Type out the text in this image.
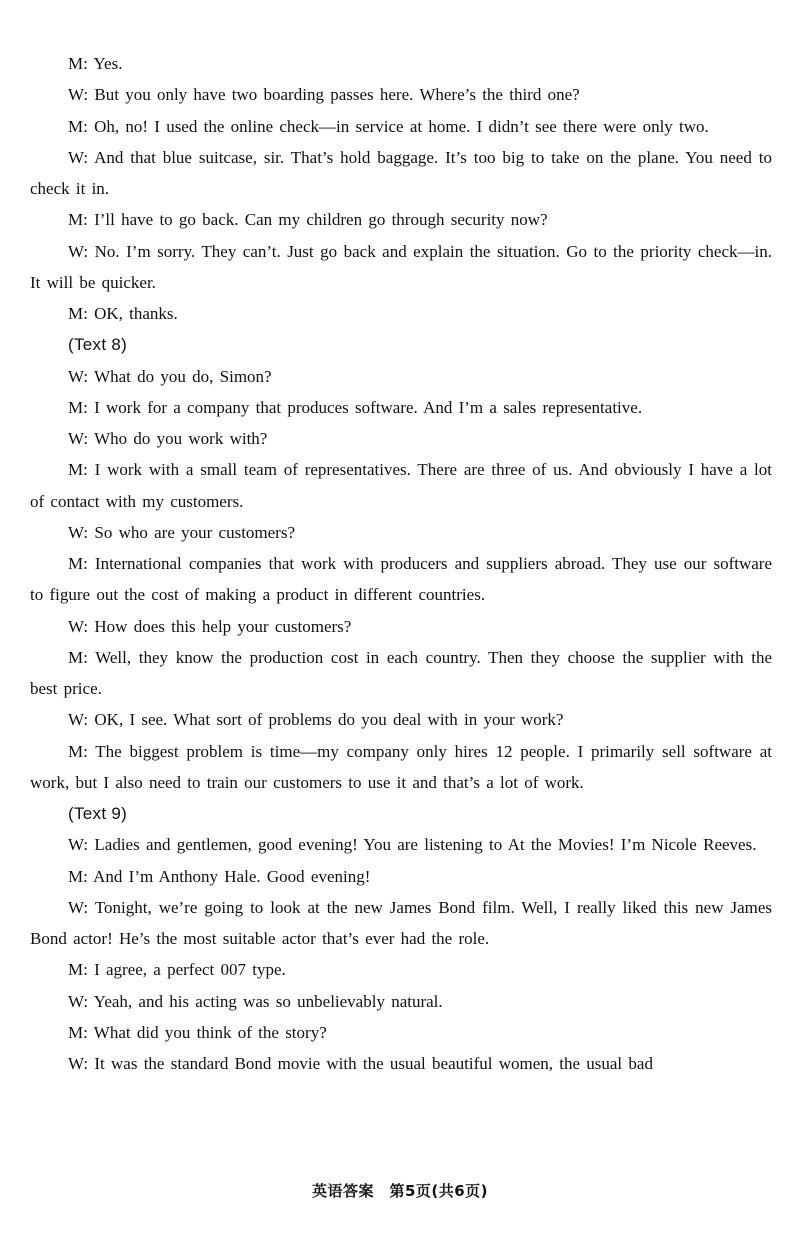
M: Yes.

W: But you only have two boarding passes here. Where’s the third one?

M: Oh, no! I used the online check—in service at home. I didn’t see there were only two.

W: And that blue suitcase, sir. That’s hold baggage. It’s too big to take on the plane. You need to check it in.

M: I’ll have to go back. Can my children go through security now?

W: No. I’m sorry. They can’t. Just go back and explain the situation. Go to the priority check—in. It will be quicker.

M: OK, thanks.

(Text 8)

W: What do you do, Simon?

M: I work for a company that produces software. And I’m a sales representative.

W: Who do you work with?

M: I work with a small team of representatives. There are three of us. And obviously I have a lot of contact with my customers.

W: So who are your customers?

M: International companies that work with producers and suppliers abroad. They use our software to figure out the cost of making a product in different countries.

W: How does this help your customers?

M: Well, they know the production cost in each country. Then they choose the supplier with the best price.

W: OK, I see. What sort of problems do you deal with in your work?

M: The biggest problem is time—my company only hires 12 people. I primarily sell software at work, but I also need to train our customers to use it and that’s a lot of work.

(Text 9)

W: Ladies and gentlemen, good evening! You are listening to At the Movies! I’m Nicole Reeves.

M: And I’m Anthony Hale. Good evening!

W: Tonight, we’re going to look at the new James Bond film. Well, I really liked this new James Bond actor! He’s the most suitable actor that’s ever had the role.

M: I agree, a perfect 007 type.

W: Yeah, and his acting was so unbelievably natural.

M: What did you think of the story?

W: It was the standard Bond movie with the usual beautiful women, the usual bad

英语答案　第5页(共6页)
